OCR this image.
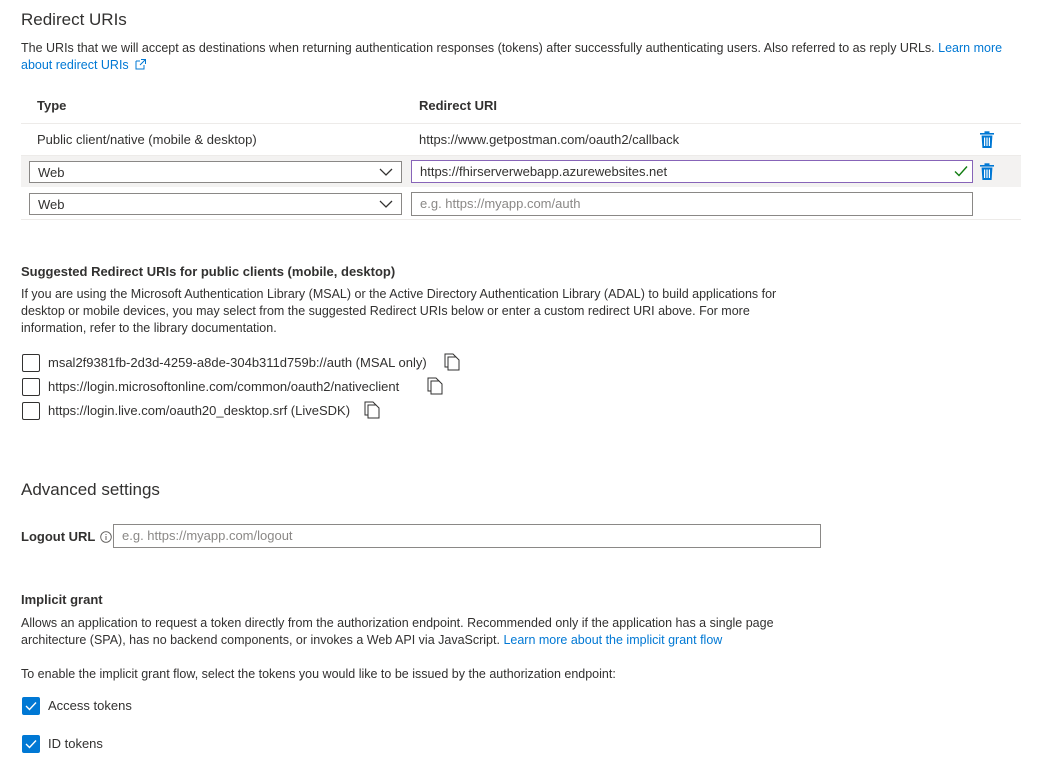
Redirect URIs
The URIs that we will accept as destinations when returning authentication responses (tokens) after successfully authenticating users. Also referred to as reply URLs. Learn more about redirect URIs
Type	Redirect URI
Public client/native (mobile & desktop)	https://www.getpostman.com/oauth2/callback
Web	https://fhirserverwebapp.azurewebsites.net
Web	e.g. https://myapp.com/auth
Suggested Redirect URIs for public clients (mobile, desktop)
If you are using the Microsoft Authentication Library (MSAL) or the Active Directory Authentication Library (ADAL) to build applications for
desktop or mobile devices, you may select from the suggested Redirect URIs below or enter a custom redirect URI above. For more
information, refer to the library documentation.
msal2f9381fb-2d3d-4259-a8de-304b311d759b://auth (MSAL only)
https://login.microsoftonline.com/common/oauth2/nativeclient
https://login.live.com/oauth20_desktop.srf (LiveSDK)
Advanced settings
Logout URL	e.g. https://myapp.com/logout
Implicit grant
Allows an application to request a token directly from the authorization endpoint. Recommended only if the application has a single page
architecture (SPA), has no backend components, or invokes a Web API via JavaScript. Learn more about the implicit grant flow
To enable the implicit grant flow, select the tokens you would like to be issued by the authorization endpoint:
Access tokens
ID tokens
